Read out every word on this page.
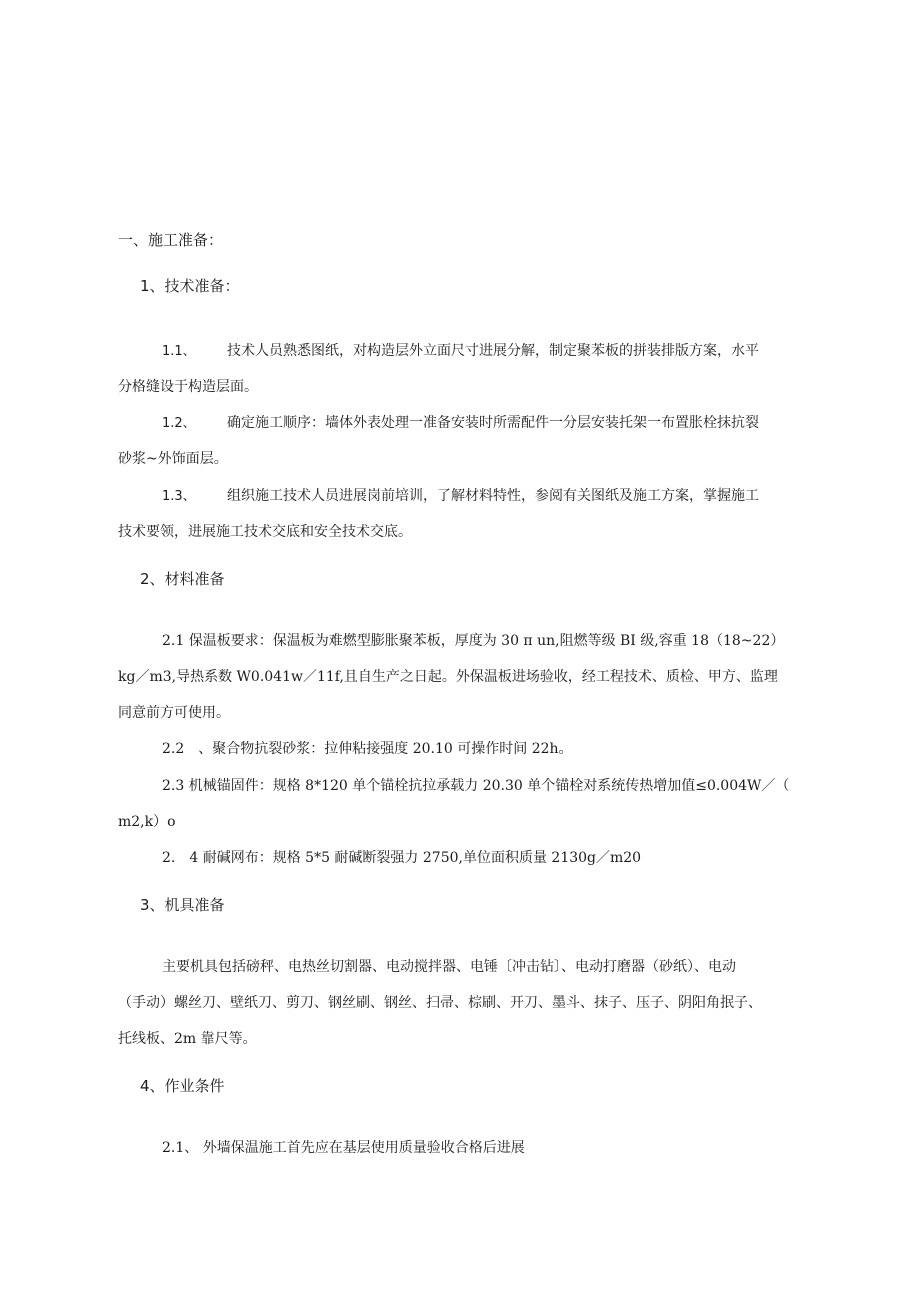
一、施工准备：
1、技术准备：
1.1、 技术人员熟悉图纸，对构造层外立面尺寸进展分解，制定聚苯板的拼装排版方案，水平
分格缝设于构造层面。
1.2、 确定施工顺序：墙体外表处理一准备安装时所需配件一分层安装托架一布置胀栓抹抗裂
砂浆~外饰面层。
1.3、 组织施工技术人员进展岗前培训，了解材料特性，参阅有关图纸及施工方案，掌握施工
技术要领，进展施工技术交底和安全技术交底。
2、材料准备
2.1 保温板要求：保温板为难燃型膨胀聚苯板，厚度为 30 π un,阻燃等级 BI 级,容重 18（18~22）
kg／m3,导热系数 W0.041w／11f,且自生产之日起。外保温板进场验收，经工程技术、质检、甲方、监理
同意前方可使用。
2.2　、聚合物抗裂砂浆：拉伸粘接强度 20.10 可操作时间 22h。
2.3 机械锚固件：规格 8*120 单个锚栓抗拉承载力 20.30 单个锚栓对系统传热增加值≤0.004W／（
m2,k）o
2.　4 耐碱网布：规格 5*5 耐碱断裂强力 2750,单位面积质量 2130g／m20
3、机具准备
主要机具包括磅秤、电热丝切割器、电动搅拌器、电锤〔冲击钻〕、电动打磨器（砂纸）、电动
（手动）螺丝刀、壁纸刀、剪刀、钢丝刷、钢丝、扫帚、棕刷、开刀、墨斗、抹子、压子、阴阳角抿子、
托线板、2m 靠尺等。
4、作业条件
2.1、 外墙保温施工首先应在基层使用质量验收合格后进展
